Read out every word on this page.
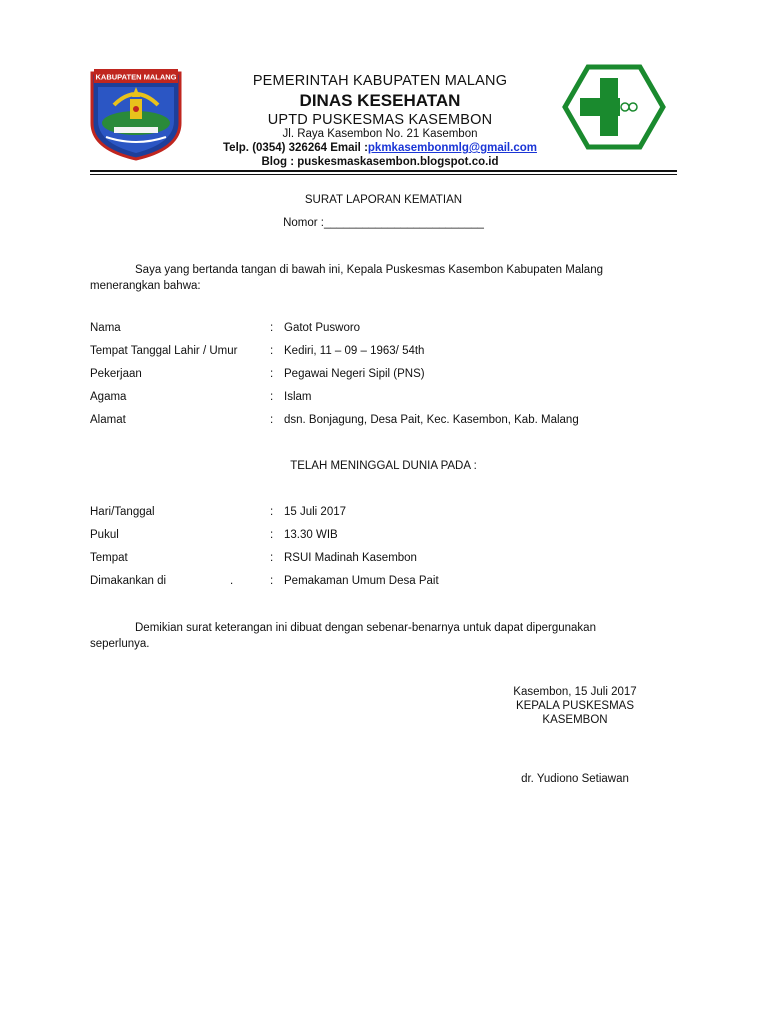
KABUPATEN MALANG	PEMERINTAH KABUPATEN MALANG
DINAS KESEHATAN
UPTD PUSKESMAS KASEMBON
Jl. Raya Kasembon No. 21 Kasembon
Telp. (0354) 326264 Email :pkmkasembonmlg@gmail.com
Blog : puskesmaskasembon.blogspot.co.id
SURAT LAPORAN KEMATIAN
Nomor :_________________________
Saya yang bertanda tangan di bawah ini, Kepala Puskesmas Kasembon Kabupaten Malang menerangkan bahwa:
Nama	: Gatot Pusworo
Tempat Tanggal Lahir / Umur	: Kediri, 11 – 09 – 1963/ 54th
Pekerjaan	: Pegawai Negeri Sipil (PNS)
Agama	: Islam
Alamat	: dsn. Bonjagung, Desa Pait, Kec. Kasembon, Kab. Malang
TELAH MENINGGAL DUNIA PADA :
Hari/Tanggal	: 15 Juli 2017
Pukul	: 13.30 WIB
Tempat	: RSUI Madinah Kasembon
Dimakankan di                    .	: Pemakaman Umum Desa Pait
Demikian surat keterangan ini dibuat dengan sebenar-benarnya untuk dapat dipergunakan seperlunya.
Kasembon, 15 Juli 2017
KEPALA PUSKESMAS
KASEMBON
dr. Yudiono Setiawan
